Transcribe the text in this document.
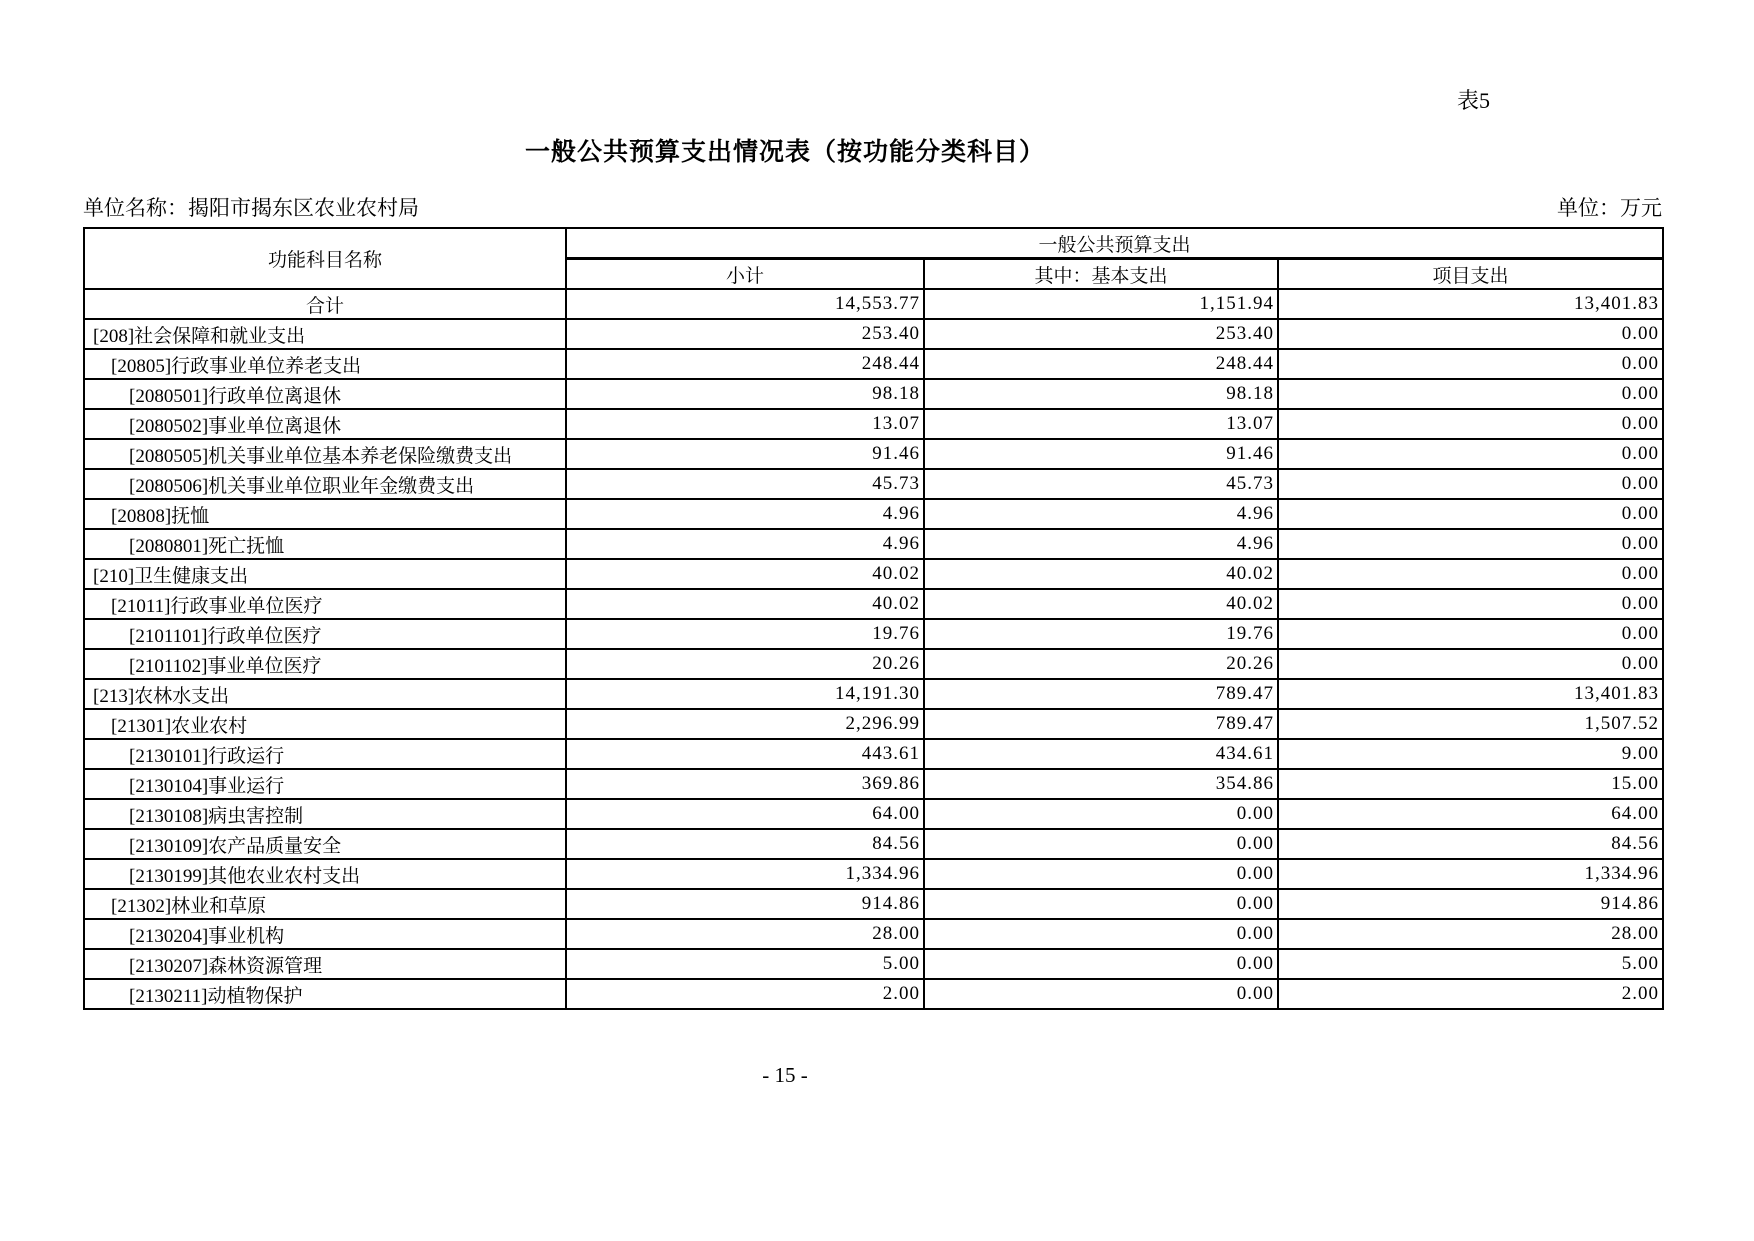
表5
一般公共预算支出情况表（按功能分类科目）
单位名称：揭阳市揭东区农业农村局	单位：万元
功能科目名称	一般公共预算支出		
	小计	其中：基本支出	项目支出
合计	14,553.77	1,151.94	13,401.83
[208]社会保障和就业支出	253.40	253.40	0.00
[20805]行政事业单位养老支出	248.44	248.44	0.00
[2080501]行政单位离退休	98.18	98.18	0.00
[2080502]事业单位离退休	13.07	13.07	0.00
[2080505]机关事业单位基本养老保险缴费支出	91.46	91.46	0.00
[2080506]机关事业单位职业年金缴费支出	45.73	45.73	0.00
[20808]抚恤	4.96	4.96	0.00
[2080801]死亡抚恤	4.96	4.96	0.00
[210]卫生健康支出	40.02	40.02	0.00
[21011]行政事业单位医疗	40.02	40.02	0.00
[2101101]行政单位医疗	19.76	19.76	0.00
[2101102]事业单位医疗	20.26	20.26	0.00
[213]农林水支出	14,191.30	789.47	13,401.83
[21301]农业农村	2,296.99	789.47	1,507.52
[2130101]行政运行	443.61	434.61	9.00
[2130104]事业运行	369.86	354.86	15.00
[2130108]病虫害控制	64.00	0.00	64.00
[2130109]农产品质量安全	84.56	0.00	84.56
[2130199]其他农业农村支出	1,334.96	0.00	1,334.96
[21302]林业和草原	914.86	0.00	914.86
[2130204]事业机构	28.00	0.00	28.00
[2130207]森林资源管理	5.00	0.00	5.00
[2130211]动植物保护	2.00	0.00	2.00
- 15 -
